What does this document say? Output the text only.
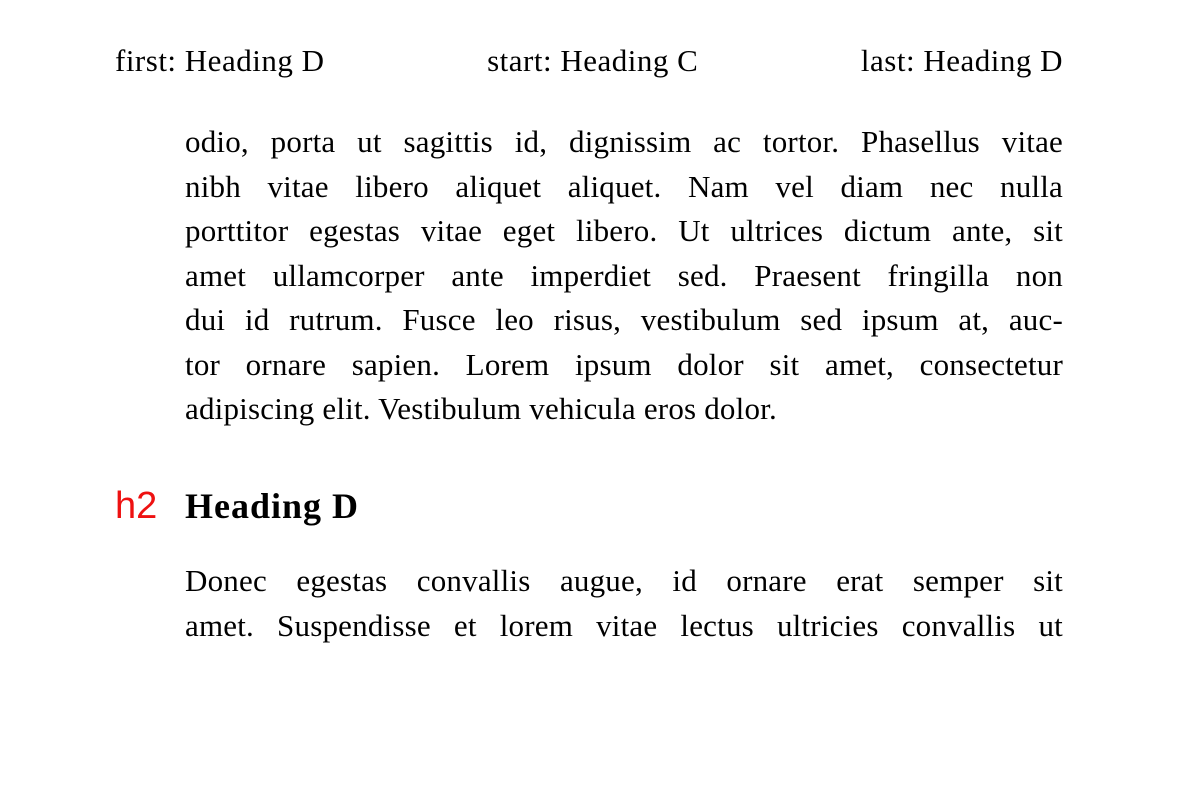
first: Heading D	start: Heading C	last: Heading D
odio, porta ut sagittis id, dignissim ac tortor. Phasellus vitae
nibh vitae libero aliquet aliquet. Nam vel diam nec nulla
porttitor egestas vitae eget libero. Ut ultrices dictum ante, sit
amet ullamcorper ante imperdiet sed. Praesent fringilla non
dui id rutrum. Fusce leo risus, vestibulum sed ipsum at, auc-
tor ornare sapien. Lorem ipsum dolor sit amet, consectetur
adipiscing elit. Vestibulum vehicula eros dolor.
h2 Heading D
Donec egestas convallis augue, id ornare erat semper sit
amet. Suspendisse et lorem vitae lectus ultricies convallis ut
